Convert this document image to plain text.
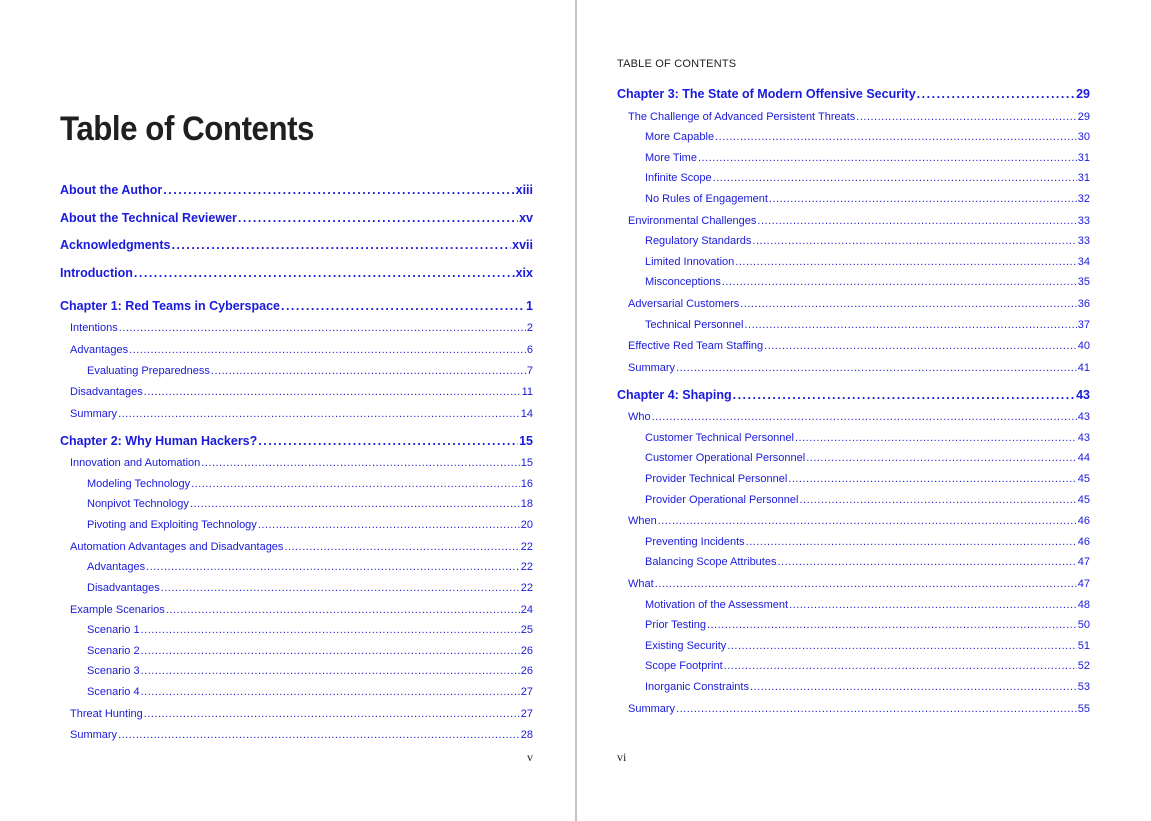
Table of Contents
About the Author .....	xiii
About the Technical Reviewer .....	xv
Acknowledgments .....	xvii
Introduction .....	xix
Chapter 1: Red Teams in Cyberspace .....	1
Intentions .....	2
Advantages .....	6
Evaluating Preparedness .....	7
Disadvantages .....	11
Summary .....	14
Chapter 2: Why Human Hackers? .....	15
Innovation and Automation .....	15
Modeling Technology .....	16
Nonpivot Technology .....	18
Pivoting and Exploiting Technology .....	20
Automation Advantages and Disadvantages .....	22
Advantages .....	22
Disadvantages .....	22
Example Scenarios .....	24
Scenario 1 .....	25
Scenario 2 .....	26
Scenario 3 .....	26
Scenario 4 .....	27
Threat Hunting .....	27
Summary .....	28
v
TABLE OF CONTENTS
Chapter 3: The State of Modern Offensive Security .....	29
The Challenge of Advanced Persistent Threats .....	29
More Capable .....	30
More Time .....	31
Infinite Scope .....	31
No Rules of Engagement .....	32
Environmental Challenges .....	33
Regulatory Standards .....	33
Limited Innovation .....	34
Misconceptions .....	35
Adversarial Customers .....	36
Technical Personnel .....	37
Effective Red Team Staffing .....	40
Summary .....	41
Chapter 4: Shaping .....	43
Who .....	43
Customer Technical Personnel .....	43
Customer Operational Personnel .....	44
Provider Technical Personnel .....	45
Provider Operational Personnel .....	45
When .....	46
Preventing Incidents .....	46
Balancing Scope Attributes .....	47
What .....	47
Motivation of the Assessment .....	48
Prior Testing .....	50
Existing Security .....	51
Scope Footprint .....	52
Inorganic Constraints .....	53
Summary .....	55
vi
